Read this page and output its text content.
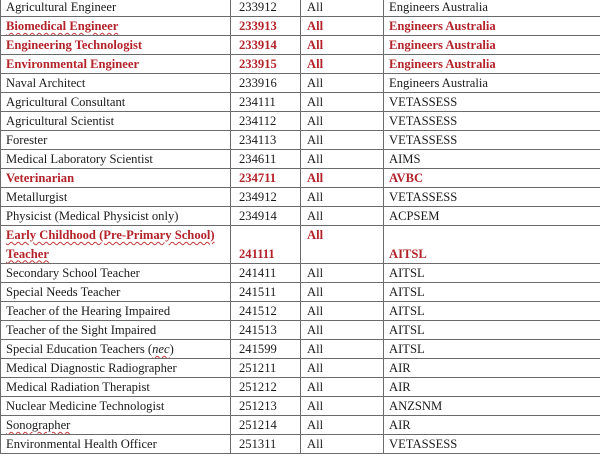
Agricultural Engineer	233912	All	Engineers Australia
Biomedical Engineer	233913	All	Engineers Australia
Engineering Technologist	233914	All	Engineers Australia
Environmental Engineer	233915	All	Engineers Australia
Naval Architect	233916	All	Engineers Australia
Agricultural Consultant	234111	All	VETASSESS
Agricultural Scientist	234112	All	VETASSESS
Forester	234113	All	VETASSESS
Medical Laboratory Scientist	234611	All	AIMS
Veterinarian	234711	All	AVBC
Metallurgist	234912	All	VETASSESS
Physicist (Medical Physicist only)	234914	All	ACPSEM
Early Childhood (Pre-Primary School) Teacher	241111	All	AITSL
Secondary School Teacher	241411	All	AITSL
Special Needs Teacher	241511	All	AITSL
Teacher of the Hearing Impaired	241512	All	AITSL
Teacher of the Sight Impaired	241513	All	AITSL
Special Education Teachers (nec)	241599	All	AITSL
Medical Diagnostic Radiographer	251211	All	AIR
Medical Radiation Therapist	251212	All	AIR
Nuclear Medicine Technologist	251213	All	ANZSNM
Sonographer	251214	All	AIR
Environmental Health Officer	251311	All	VETASSESS
